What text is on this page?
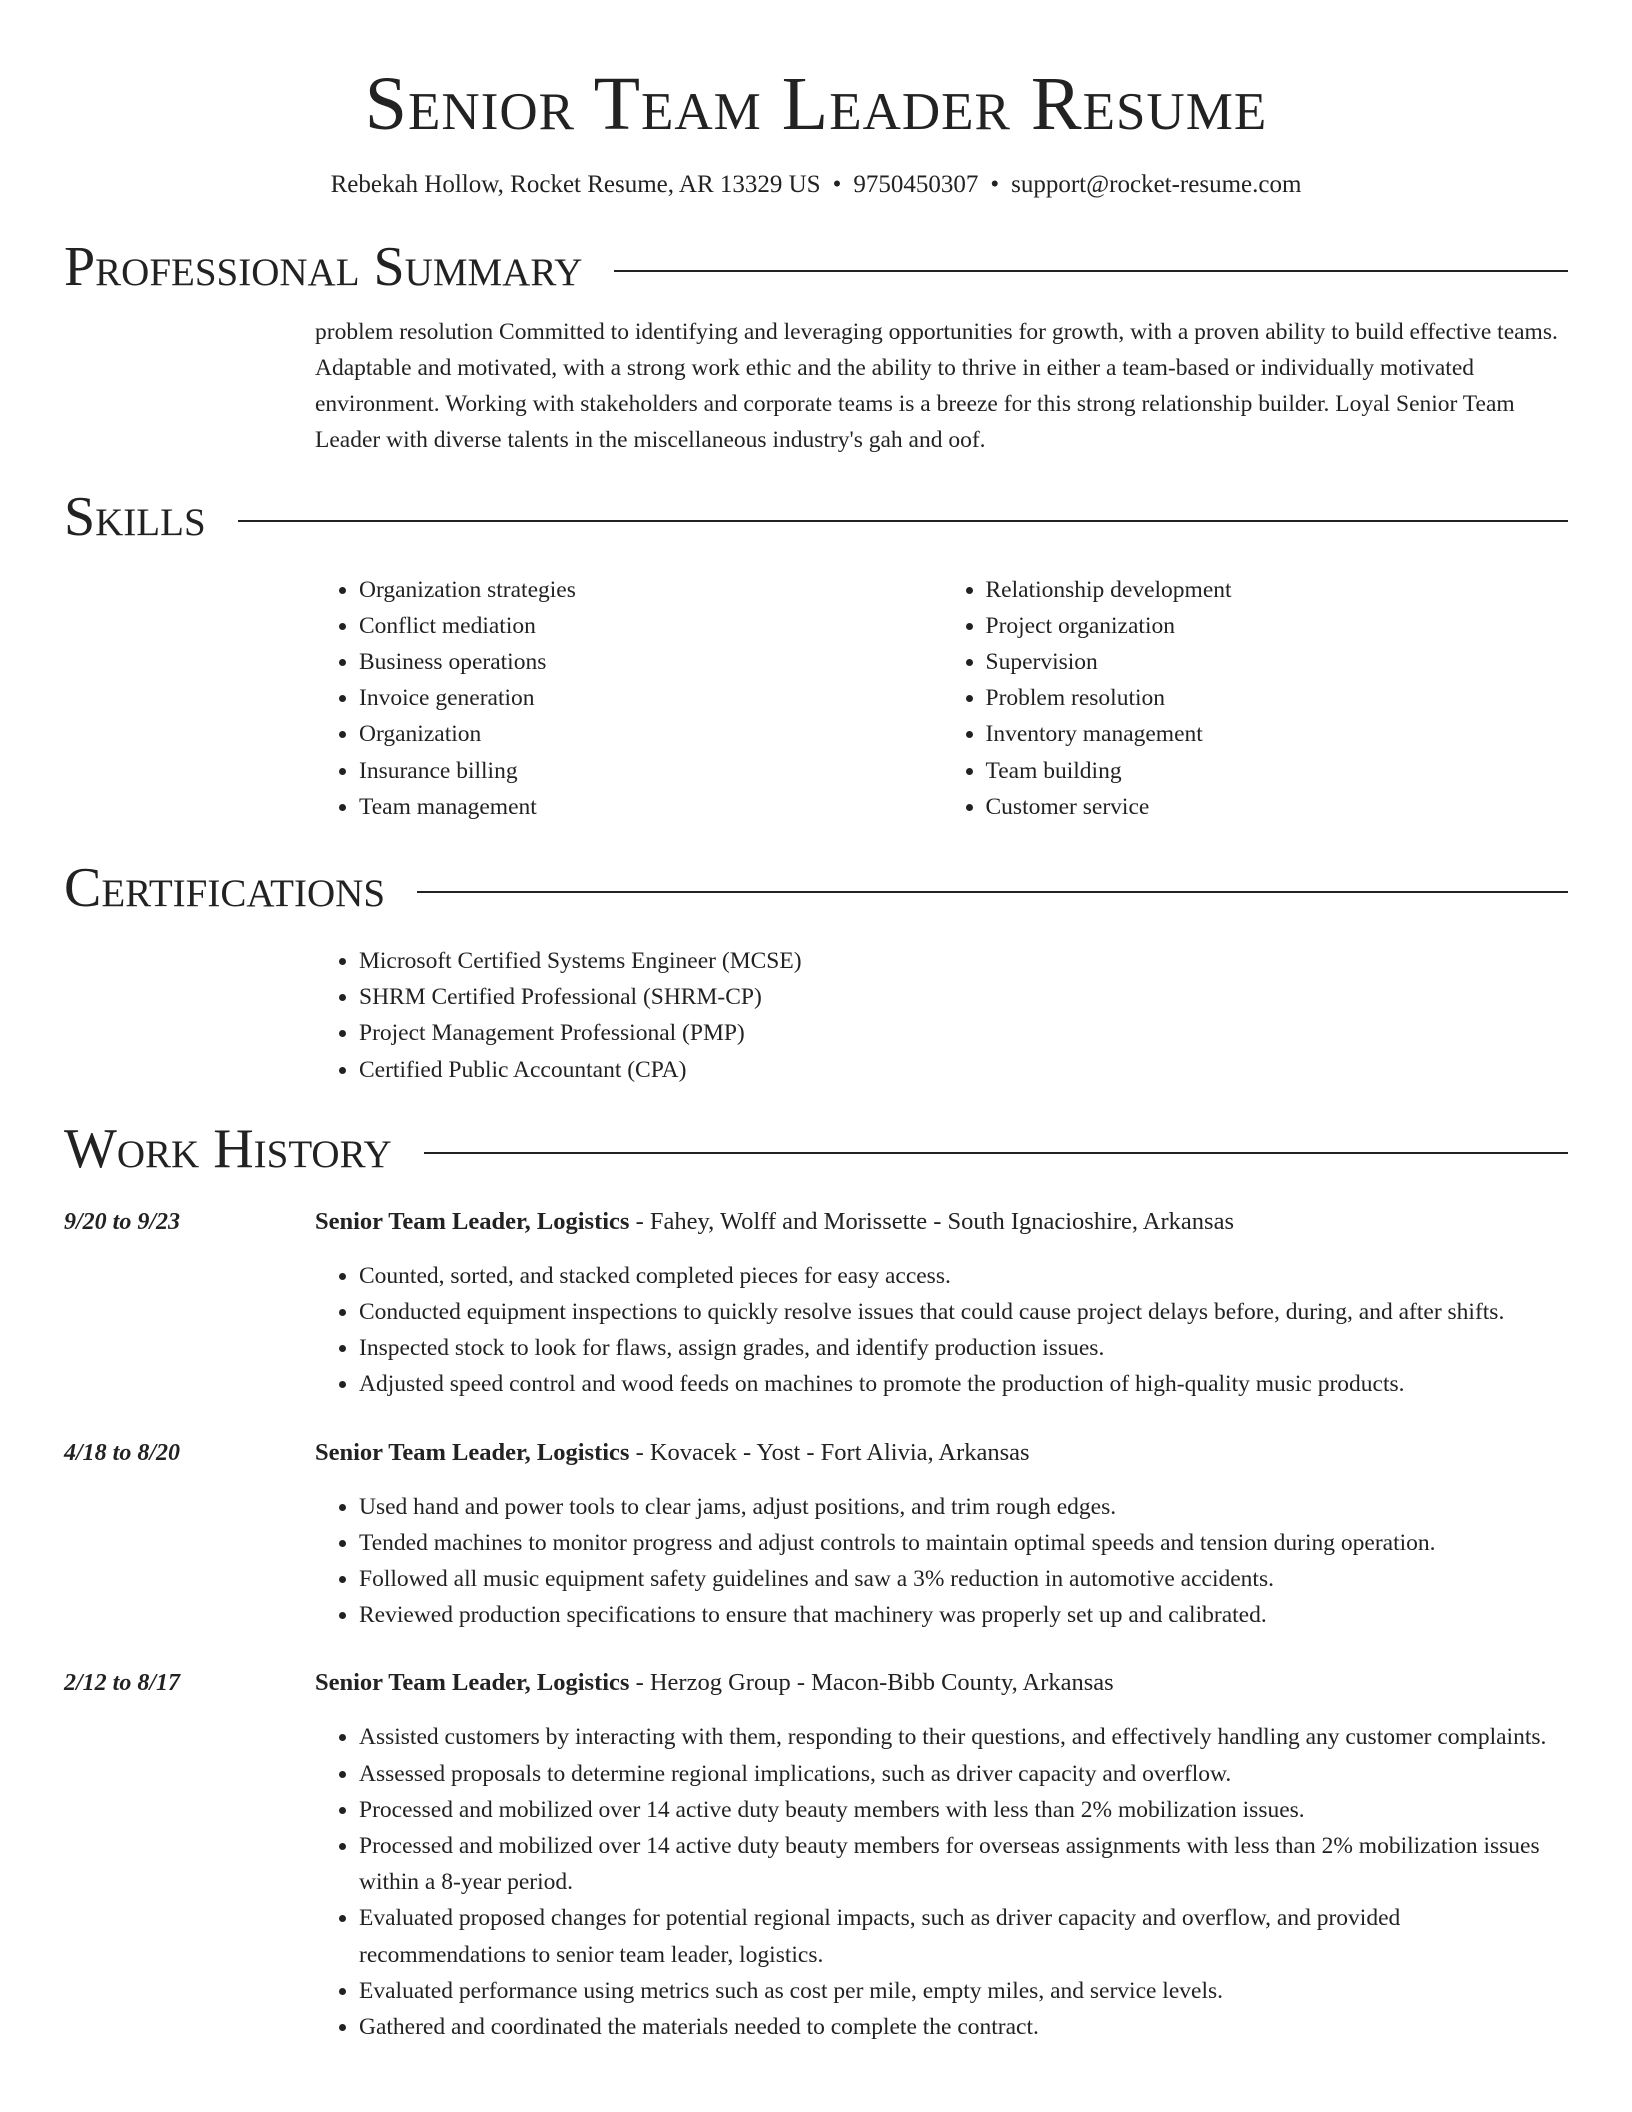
Senior Team Leader Resume
Rebekah Hollow, Rocket Resume, AR 13329 US • 9750450307 • support@rocket-resume.com
Professional Summary

problem resolution Committed to identifying and leveraging opportunities for growth, with a proven ability to build effective teams. Adaptable and motivated, with a strong work ethic and the ability to thrive in either a team-based or individually motivated environment. Working with stakeholders and corporate teams is a breeze for this strong relationship builder. Loyal Senior Team Leader with diverse talents in the miscellaneous industry's gah and oof.

Skills
• Organization strategies
• Conflict mediation
• Business operations
• Invoice generation
• Organization
• Insurance billing
• Team management
• Relationship development
• Project organization
• Supervision
• Problem resolution
• Inventory management
• Team building
• Customer service
Certifications
• Microsoft Certified Systems Engineer (MCSE)
• SHRM Certified Professional (SHRM-CP)
• Project Management Professional (PMP)
• Certified Public Accountant (CPA)
Work History
9/20 to 9/23	Senior Team Leader, Logistics - Fahey, Wolff and Morissette - South Ignacioshire, Arkansas
• Counted, sorted, and stacked completed pieces for easy access.
• Conducted equipment inspections to quickly resolve issues that could cause project delays before, during, and after shifts.
• Inspected stock to look for flaws, assign grades, and identify production issues.
• Adjusted speed control and wood feeds on machines to promote the production of high-quality music products.
4/18 to 8/20	Senior Team Leader, Logistics - Kovacek - Yost - Fort Alivia, Arkansas
• Used hand and power tools to clear jams, adjust positions, and trim rough edges.
• Tended machines to monitor progress and adjust controls to maintain optimal speeds and tension during operation.
• Followed all music equipment safety guidelines and saw a 3% reduction in automotive accidents.
• Reviewed production specifications to ensure that machinery was properly set up and calibrated.
2/12 to 8/17	Senior Team Leader, Logistics - Herzog Group - Macon-Bibb County, Arkansas
• Assisted customers by interacting with them, responding to their questions, and effectively handling any customer complaints.
• Assessed proposals to determine regional implications, such as driver capacity and overflow.
• Processed and mobilized over 14 active duty beauty members with less than 2% mobilization issues.
• Processed and mobilized over 14 active duty beauty members for overseas assignments with less than 2% mobilization issues within a 8-year period.
• Evaluated proposed changes for potential regional impacts, such as driver capacity and overflow, and provided recommendations to senior team leader, logistics.
• Evaluated performance using metrics such as cost per mile, empty miles, and service levels.
• Gathered and coordinated the materials needed to complete the contract.
